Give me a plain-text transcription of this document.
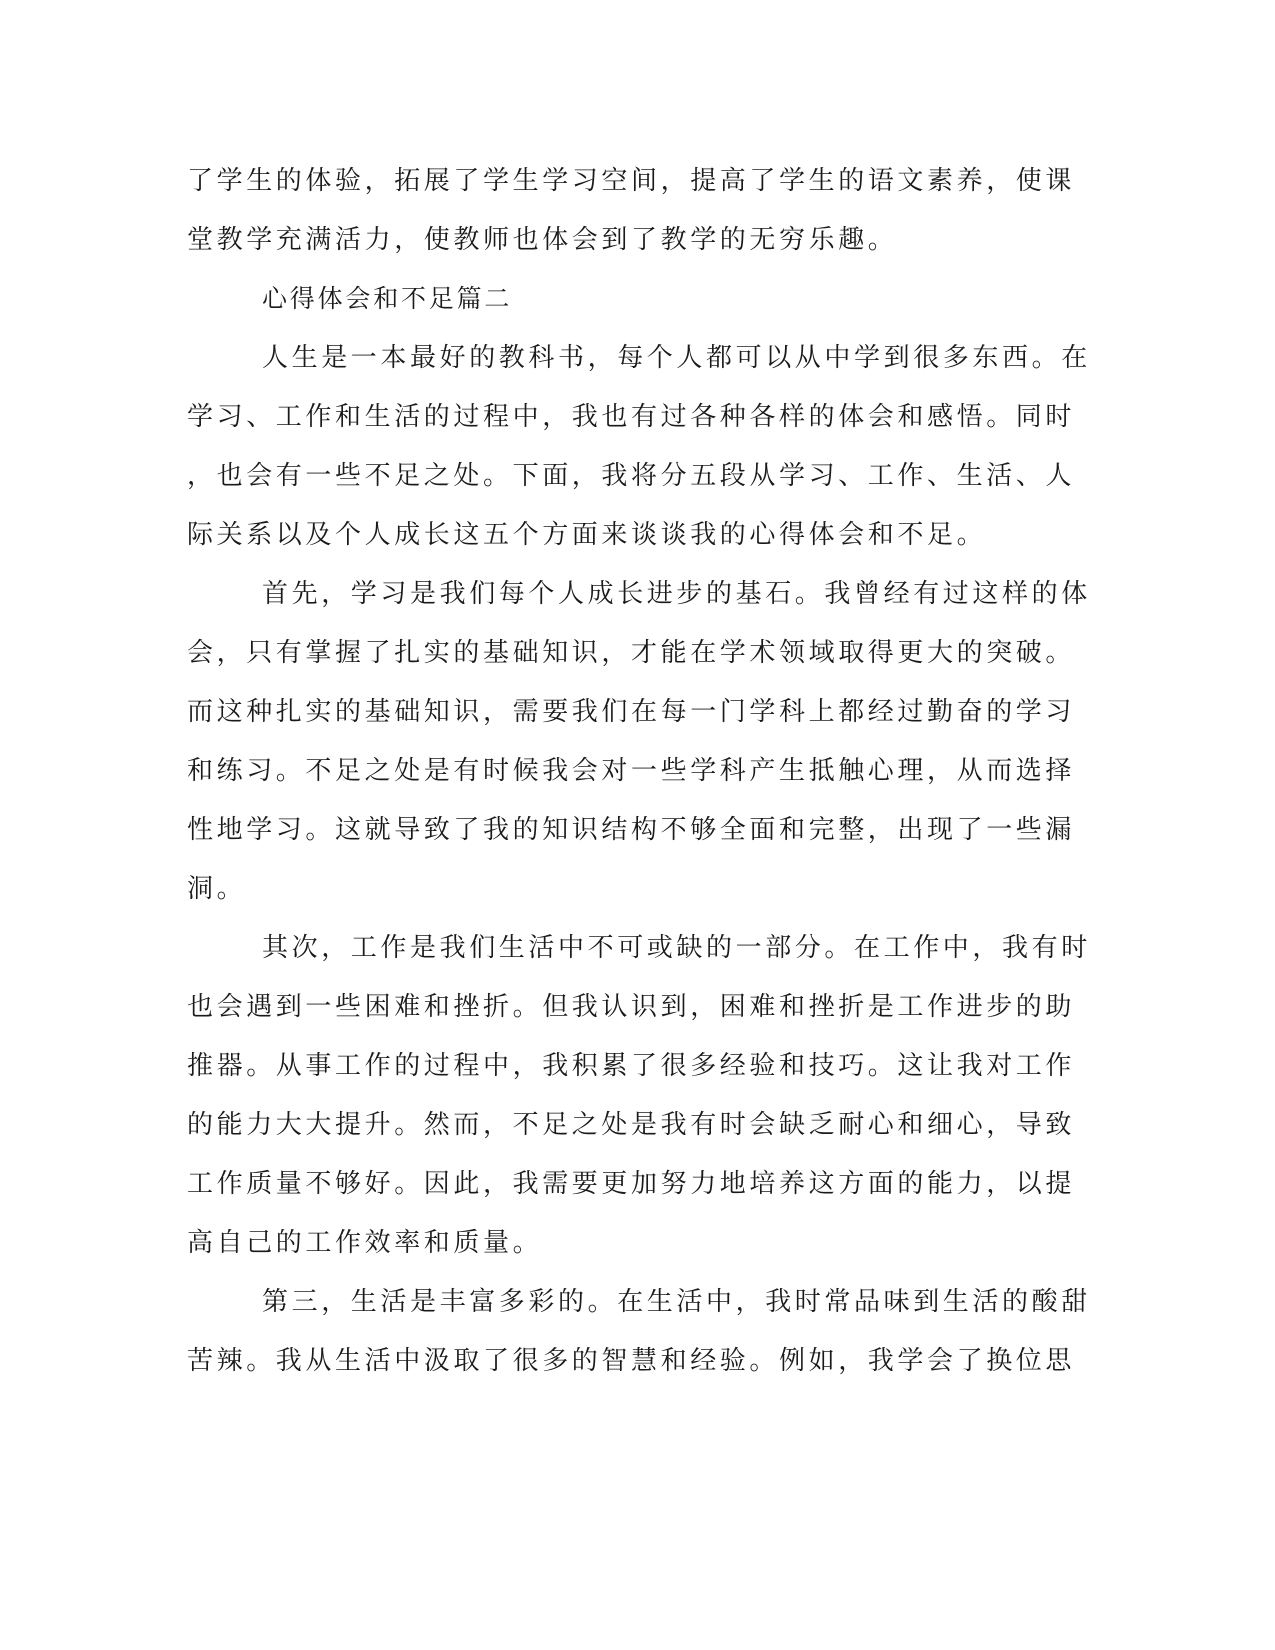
了学生的体验，拓展了学生学习空间，提高了学生的语文素养，使课
堂教学充满活力，使教师也体会到了教学的无穷乐趣。
心得体会和不足篇二
人生是一本最好的教科书，每个人都可以从中学到很多东西。在
学习、工作和生活的过程中，我也有过各种各样的体会和感悟。同时
，也会有一些不足之处。下面，我将分五段从学习、工作、生活、人
际关系以及个人成长这五个方面来谈谈我的心得体会和不足。
首先，学习是我们每个人成长进步的基石。我曾经有过这样的体
会，只有掌握了扎实的基础知识，才能在学术领域取得更大的突破。
而这种扎实的基础知识，需要我们在每一门学科上都经过勤奋的学习
和练习。不足之处是有时候我会对一些学科产生抵触心理，从而选择
性地学习。这就导致了我的知识结构不够全面和完整，出现了一些漏
洞。
其次，工作是我们生活中不可或缺的一部分。在工作中，我有时
也会遇到一些困难和挫折。但我认识到，困难和挫折是工作进步的助
推器。从事工作的过程中，我积累了很多经验和技巧。这让我对工作
的能力大大提升。然而，不足之处是我有时会缺乏耐心和细心，导致
工作质量不够好。因此，我需要更加努力地培养这方面的能力，以提
高自己的工作效率和质量。
第三，生活是丰富多彩的。在生活中，我时常品味到生活的酸甜
苦辣。我从生活中汲取了很多的智慧和经验。例如，我学会了换位思
